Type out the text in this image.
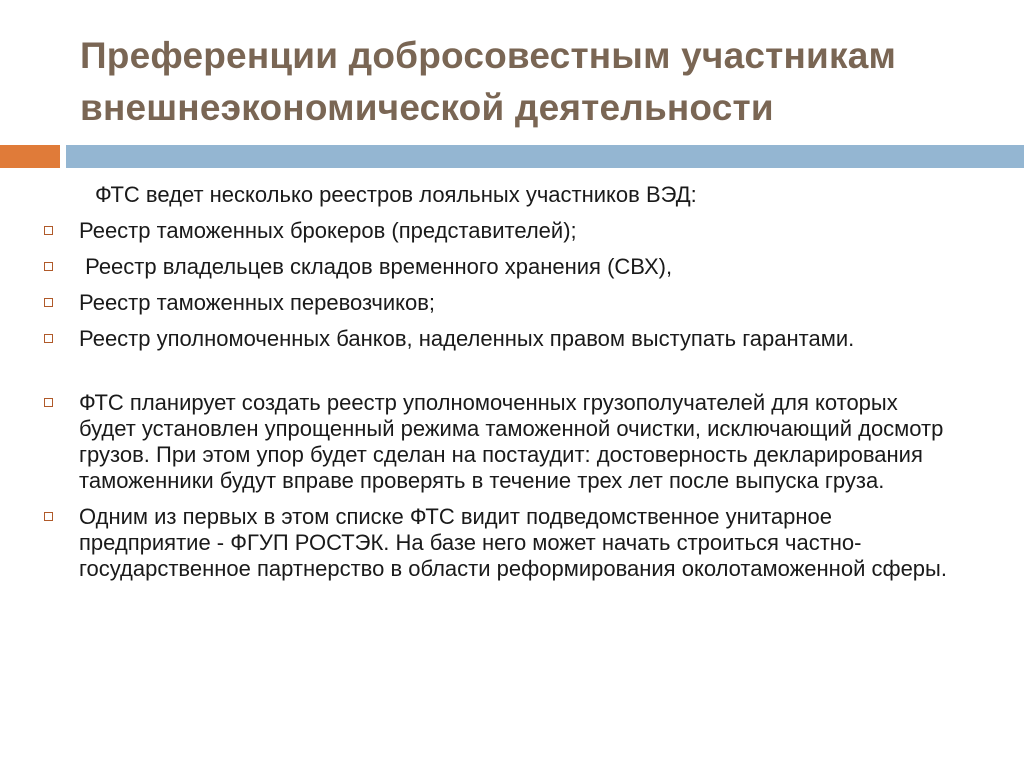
Преференции добросовестным участникам
внешнеэкономической деятельности
ФТС ведет несколько реестров лояльных участников ВЭД:
Реестр таможенных брокеров (представителей);
Реестр владельцев складов временного хранения (СВХ),
Реестр таможенных перевозчиков;
Реестр уполномоченных банков, наделенных правом выступать гарантами.
ФТС планирует создать реестр уполномоченных грузополучателей для которых будет установлен упрощенный режима таможенной очистки, исключающий досмотр грузов. При этом упор будет сделан на постаудит: достоверность декларирования таможенники будут вправе проверять в течение трех лет после выпуска груза.
Одним из первых в этом списке ФТС видит подведомственное унитарное предприятие - ФГУП РОСТЭК. На базе него может начать строиться частно-государственное партнерство в области реформирования околотаможенной сферы.
